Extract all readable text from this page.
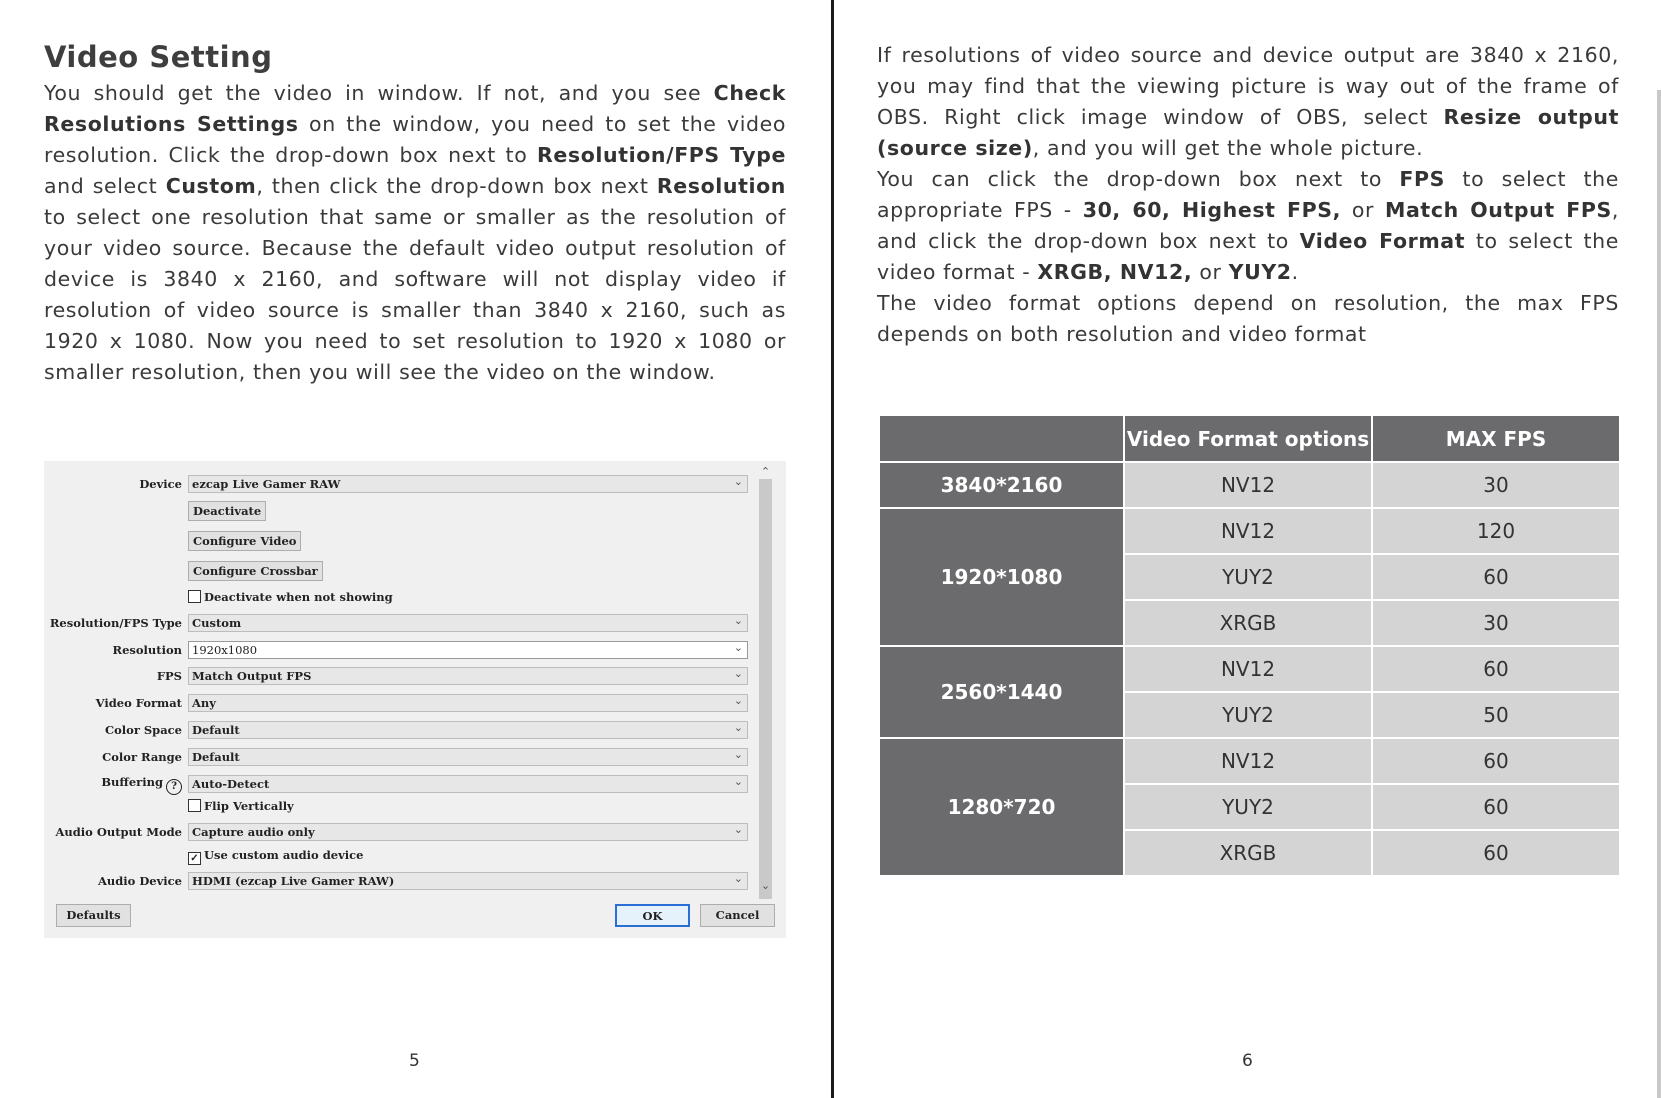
Video Setting
You should get the video in window. If not, and you see Check Resolutions Settings on the window, you need to set the video resolution. Click the drop-down box next to Resolution/FPS Type and select Custom, then click the drop-down box next Resolution to select one resolution that same or smaller as the resolution of your video source. Because the default video output resolution of device is 3840 x 2160, and software will not display video if resolution of video source is smaller than 3840 x 2160, such as 1920 x 1080. Now you need to set resolution to 1920 x 1080 or smaller resolution, then you will see the video on the window.
Device ezcap Live Gamer RAW	⌄
Deactivate
Configure Video
Configure Crossbar
Deactivate when not showing
Resolution/FPS Type Custom	⌄
Resolution 1920x1080	⌄
FPS Match Output FPS	⌄
Video Format Any	⌄
Color Space Default	⌄
Color Range Default	⌄
Buffering ?	Auto-Detect	⌄
Flip Vertically
Audio Output Mode Capture audio only	⌄
✓ Use custom audio device
Audio Device HDMI (ezcap Live Gamer RAW)	⌄
⌃
⌄
Defaults	OK	Cancel
5
If resolutions of video source and device output are 3840 x 2160, you may find that the viewing picture is way out of the frame of OBS. Right click image window of OBS, select Resize output (source size), and you will get the whole picture.
You can click the drop-down box next to FPS to select the appropriate FPS - 30, 60, Highest FPS, or Match Output FPS, and click the drop-down box next to Video Format to select the video format - XRGB, NV12, or YUY2.
The video format options depend on resolution, the max FPS depends on both resolution and video format
	Video Format options	MAX FPS
3840*2160	NV12	30
1920*1080	NV12	120
	YUY2	60
	XRGB	30
2560*1440	NV12	60
	YUY2	50
1280*720	NV12	60
	YUY2	60
	XRGB	60
6
